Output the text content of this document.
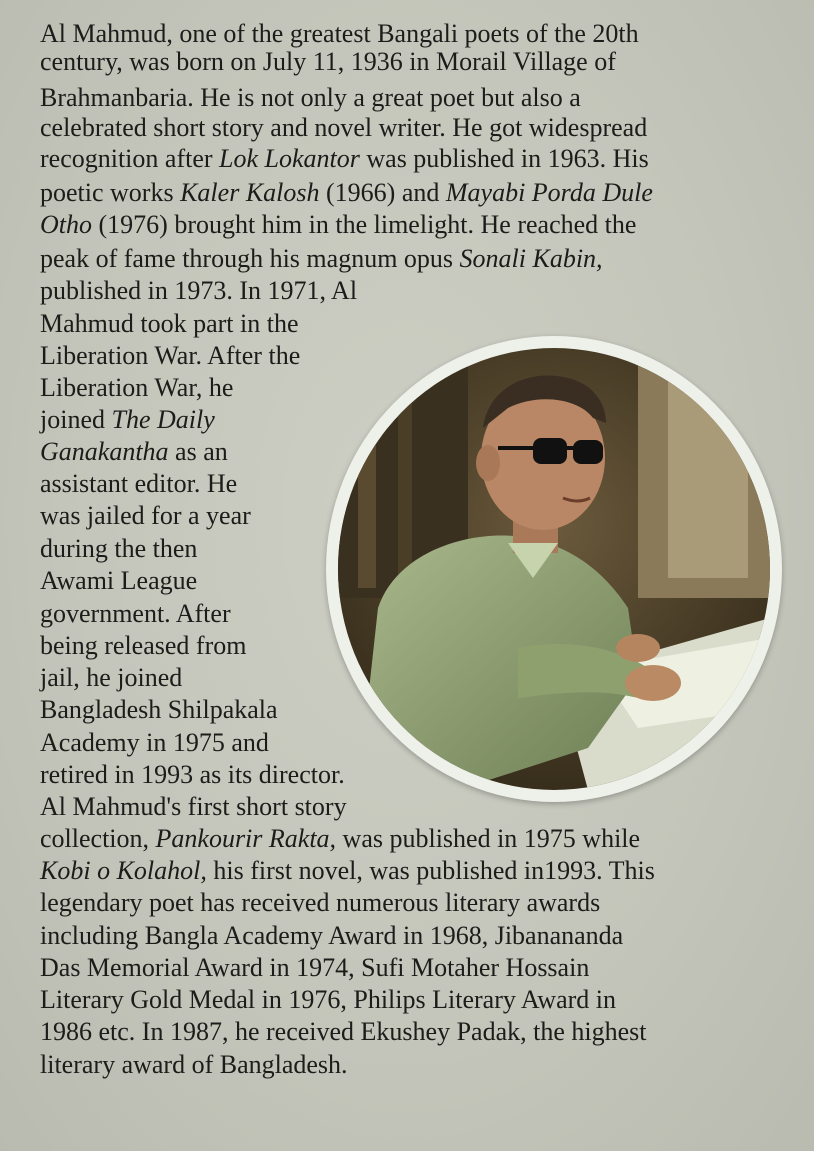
Al Mahmud, one of the greatest Bangali poets of the 20th
century, was born on July 11, 1936 in Morail Village of
Brahmanbaria. He is not only a great poet but also a
celebrated short story and novel writer. He got widespread
recognition after Lok Lokantor was published in 1963. His
poetic works Kaler Kalosh (1966) and Mayabi Porda Dule
Otho (1976) brought him in the limelight. He reached the
peak of fame through his magnum opus Sonali Kabin,
published in 1973. In 1971, Al
Mahmud took part in the
Liberation War. After the
Liberation War, he
joined The Daily
Ganakantha as an
assistant editor. He
was jailed for a year
during the then
Awami League
government. After
being released from
jail, he joined
Bangladesh Shilpakala
Academy in 1975 and
retired in 1993 as its director.
Al Mahmud's first short story
collection, Pankourir Rakta, was published in 1975 while
Kobi o Kolahol, his first novel, was published in1993. This
legendary poet has received numerous literary awards
including Bangla Academy Award in 1968, Jibanananda
Das Memorial Award in 1974, Sufi Motaher Hossain
Literary Gold Medal in 1976, Philips Literary Award in
1986 etc. In 1987, he received Ekushey Padak, the highest
literary award of Bangladesh.
